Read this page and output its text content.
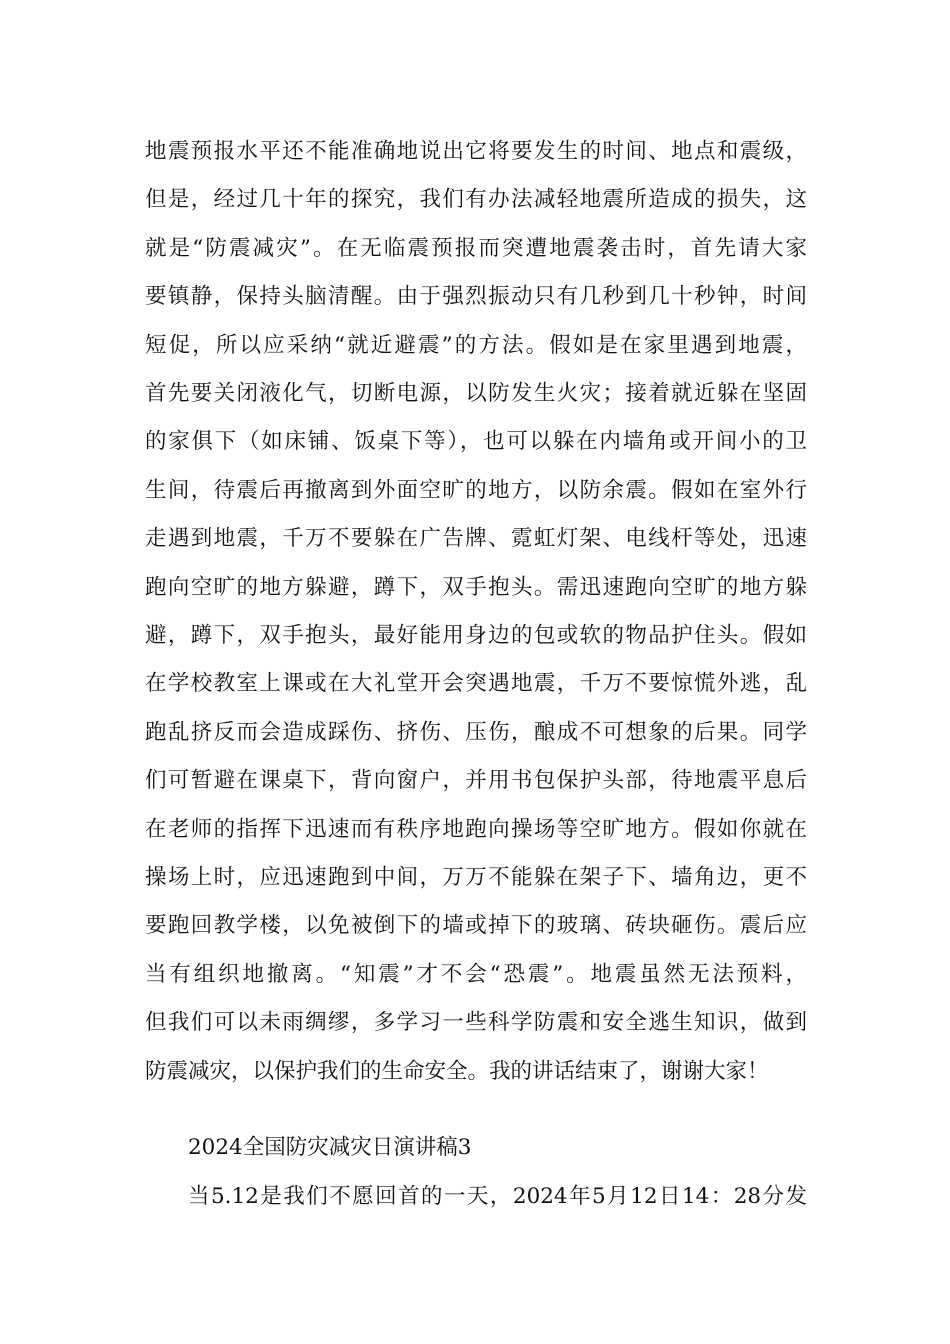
地震预报水平还不能准确地说出它将要发生的时间、地点和震级，
但是，经过几十年的探究，我们有办法减轻地震所造成的损失，这
就是“防震减灾”。在无临震预报而突遭地震袭击时，首先请大家
要镇静，保持头脑清醒。由于强烈振动只有几秒到几十秒钟，时间
短促，所以应采纳“就近避震”的方法。假如是在家里遇到地震，
首先要关闭液化气，切断电源，以防发生火灾；接着就近躲在坚固
的家俱下（如床铺、饭桌下等），也可以躲在内墙角或开间小的卫
生间，待震后再撤离到外面空旷的地方，以防余震。假如在室外行
走遇到地震，千万不要躲在广告牌、霓虹灯架、电线杆等处，迅速
跑向空旷的地方躲避，蹲下，双手抱头。需迅速跑向空旷的地方躲
避，蹲下，双手抱头，最好能用身边的包或软的物品护住头。假如
在学校教室上课或在大礼堂开会突遇地震，千万不要惊慌外逃，乱
跑乱挤反而会造成踩伤、挤伤、压伤，酿成不可想象的后果。同学
们可暂避在课桌下，背向窗户，并用书包保护头部，待地震平息后
在老师的指挥下迅速而有秩序地跑向操场等空旷地方。假如你就在
操场上时，应迅速跑到中间，万万不能躲在架子下、墙角边，更不
要跑回教学楼，以免被倒下的墙或掉下的玻璃、砖块砸伤。震后应
当有组织地撤离。“知震”才不会“恐震”。地震虽然无法预料，
但我们可以未雨绸缪，多学习一些科学防震和安全逃生知识，做到
防震减灾，以保护我们的生命安全。我的讲话结束了，谢谢大家！
2024全国防灾减灾日演讲稿3
当5.12是我们不愿回首的一天，2024年5月12日14：28分发
